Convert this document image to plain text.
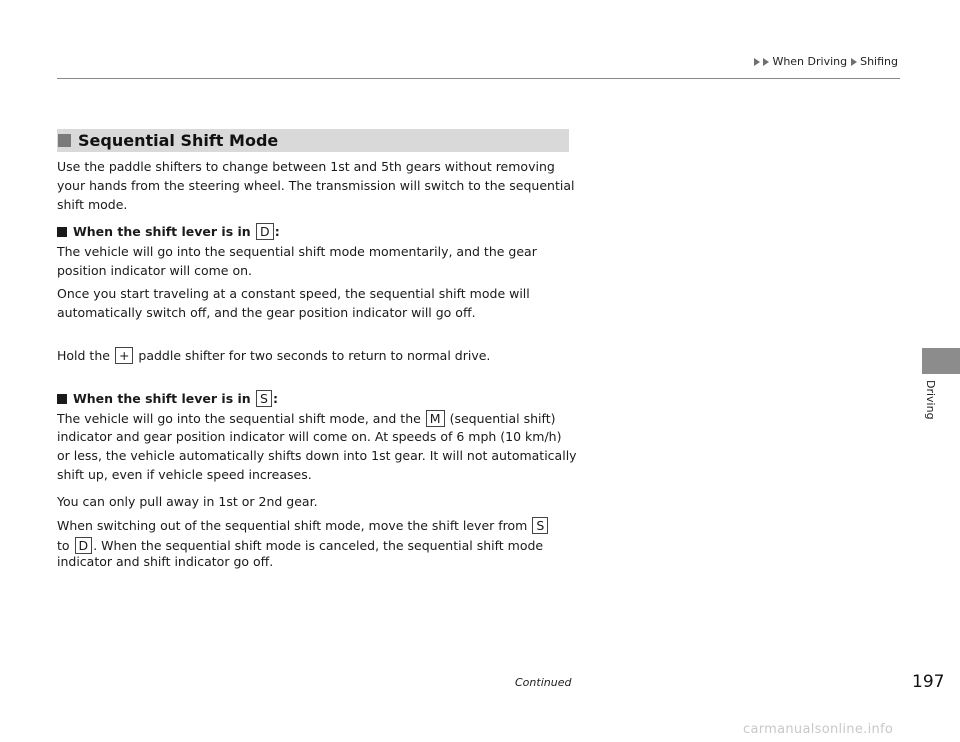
When Driving Shifing
Sequential Shift Mode

Use the paddle shifters to change between 1st and 5th gears without removing

your hands from the steering wheel. The transmission will switch to the sequential

shift mode.

When the shift lever is in
D :

The vehicle will go into the sequential shift mode momentarily, and the gear

position indicator will come on.

Once you start traveling at a constant speed, the sequential shift mode will

automatically switch off, and the gear position indicator will go off.

Hold the + paddle shifter for two seconds to return to normal drive.

When the shift lever is in
S :

The vehicle will go into the sequential shift mode, and the M (sequential shift)

indicator and gear position indicator will come on. At speeds of 6 mph (10 km/h)

or less, the vehicle automatically shifts down into 1st gear. It will not automatically

shift up, even if vehicle speed increases.

You can only pull away in 1st or 2nd gear.

When switching out of the sequential shift mode, move the shift lever from S

to D . When the sequential shift mode is canceled, the sequential shift mode

indicator and shift indicator go off.

Driving
Continued	197
carmanualsonline.info
